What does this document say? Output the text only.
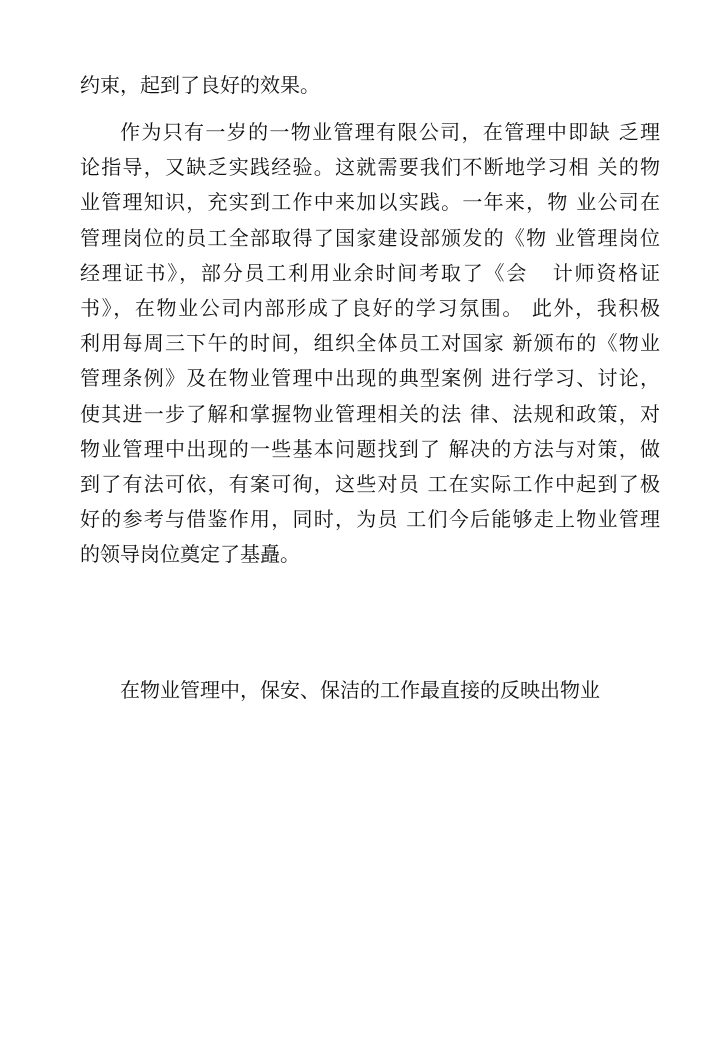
约束，起到了良好的效果。
作为只有一岁的一物业管理有限公司，在管理中即缺 乏理
论指导，又缺乏实践经验。这就需要我们不断地学习相 关的物
业管理知识，充实到工作中来加以实践。一年来，物 业公司在
管理岗位的员工全部取得了国家建设部颁发的《物 业管理岗位
经理证书》，部分员工利用业余时间考取了《会   计师资格证
书》，在物业公司内部形成了良好的学习氛围。 此外，我积极
利用每周三下午的时间，组织全体员工对国家 新颁布的《物业
管理条例》及在物业管理中出现的典型案例 进行学习、讨论，
使其进一步了解和掌握物业管理相关的法 律、法规和政策，对
物业管理中出现的一些基本问题找到了 解决的方法与对策，做
到了有法可依，有案可徇，这些对员 工在实际工作中起到了极
好的参考与借鉴作用，同时，为员 工们今后能够走上物业管理
的领导岗位奠定了基矗。
在物业管理中，保安、保洁的工作最直接的反映出物业
